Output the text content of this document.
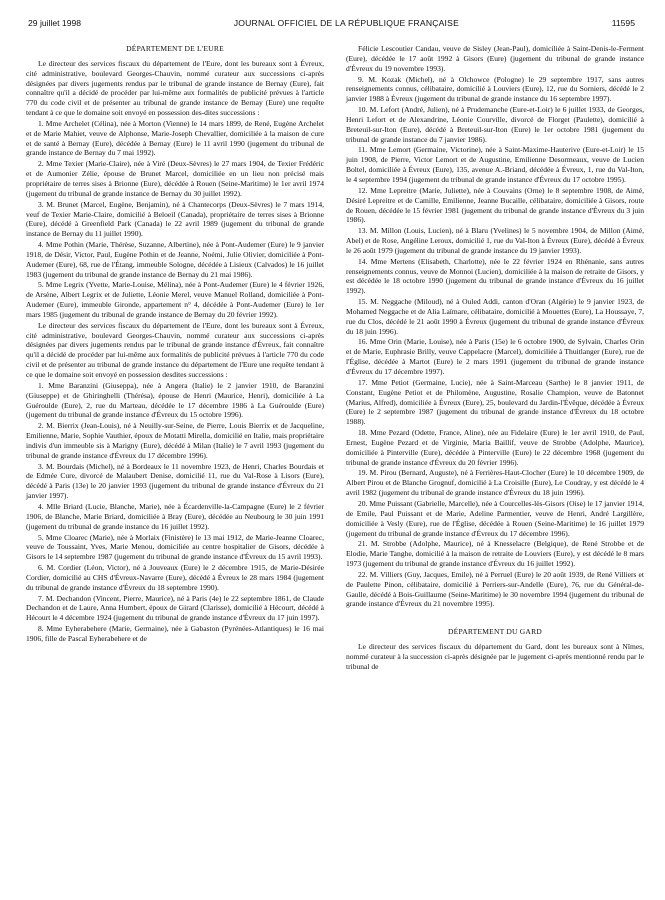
29 juillet 1998	JOURNAL OFFICIEL DE LA RÉPUBLIQUE FRANÇAISE	11595
DÉPARTEMENT DE L'EURE

Le directeur des services fiscaux du département de l'Eure, dont les bureaux sont à Évreux, cité administrative, boulevard Georges-Chauvin, nommé curateur aux successions ci-après désignées par divers jugements rendus par le tribunal de grande instance de Bernay (Eure), fait connaître qu'il a décidé de procéder par lui-même aux formalités de publicité prévues à l'article 770 du code civil et de présenter au tribunal de grande instance de Bernay (Eure) une requête tendant à ce que le domaine soit envoyé en possession des-dites successions :

1. Mme Archelet (Célina), née à Morton (Vienne) le 14 mars 1899, de René, Eugène Archelet et de Marie Mahiet, veuve de Alphonse, Marie-Joseph Chevallier, domiciliée à la maison de cure et de santé à Bernay (Eure), décédée à Bernay (Eure) le 11 avril 1990 (jugement du tribunal de grande instance de Bernay du 7 mai 1992).

2. Mme Texier (Marie-Claire), née à Viré (Deux-Sèvres) le 27 mars 1904, de Texier Frédéric et de Aumonier Zélie, épouse de Brunet Marcel, domiciliée en un lieu non précisé mais propriétaire de terres sises à Brionne (Eure), décédée à Rouen (Seine-Maritime) le 1er avril 1974 (jugement du tribunal de grande instance de Bernay du 30 juillet 1992).

3. M. Brunet (Marcel, Eugène, Benjamin), né à Chantecorps (Deux-Sèvres) le 7 mars 1914, veuf de Texier Marie-Claire, domicilié à Beloeil (Canada), propriétaire de terres sises à Brionne (Eure), décédé à Greenfield Park (Canada) le 22 avril 1989 (jugement du tribunal de grande instance de Bernay du 11 juillet 1990).

4. Mme Pothin (Marie, Thérèse, Suzanne, Albertine), née à Pont-Audemer (Eure) le 9 janvier 1918, de Désir, Victor, Paul, Eugène Pothin et de Jeanne, Noémi, Julie Olivier, domiciliée à Pont-Audemer (Eure), 68, rue de l'Étang, immeuble Sologne, décédée à Lisieux (Calvados) le 16 juillet 1983 (jugement du tribunal de grande instance de Bernay du 21 mai 1986).

5. Mme Legrix (Yvette, Marie-Louise, Mélina), née à Pont-Audemer (Eure) le 4 février 1926, de Arsène, Albert Legrix et de Juliette, Léonie Merel, veuve Manuel Rolland, domiciliée à Pont-Audemer (Eure), immeuble Gironde, appartement n° 4, décédée à Pont-Audemer (Eure) le 1er mars 1985 (jugement du tribunal de grande instance de Bernay du 20 février 1992).

Le directeur des services fiscaux du département de l'Eure, dont les bureaux sont à Évreux, cité administrative, boulevard Georges-Chauvin, nommé curateur aux successions ci-après désignées par divers jugements rendus par le tribunal de grande instance d'Évreux, fait connaître qu'il a décidé de procéder par lui-même aux formalités de publicité prévues à l'article 770 du code civil et de présenter au tribunal de grande instance du département de l'Eure une requête tendant à ce que le domaine soit envoyé en possession desdites successions :

1. Mme Baranzini (Giuseppa), née à Angera (Italie) le 2 janvier 1910, de Baranzini (Giuseppe) et de Ghiringhelli (Thérésa), épouse de Henri (Maurice, Henri), domiciliée à La Guéroulde (Eure), 2, rue du Marteau, décédée le 17 décembre 1986 à La Guéroulde (Eure) (jugement du tribunal de grande instance d'Évreux du 15 octobre 1996).

2. M. Bierrix (Jean-Louis), né à Neuilly-sur-Seine, de Pierre, Louis Bierrix et de Jacqueline, Emilienne, Marie, Sophie Vauthier, époux de Motatti Mirella, domicilié en Italie, mais propriétaire indivis d'un immeuble sis à Marigny (Eure), décédé à Milan (Italie) le 7 avril 1993 (jugement du tribunal de grande instance d'Évreux du 17 décembre 1996).

3. M. Bourdais (Michel), né à Bordeaux le 11 novembre 1923, de Henri, Charles Bourdais et de Edmée Cure, divorcé de Malaubert Denise, domicilié 11, rue du Val-Rose à Lisors (Eure), décédé à Paris (13e) le 20 janvier 1993 (jugement du tribunal de grande instance d'Évreux du 21 janvier 1997).

4. Mlle Briard (Lucie, Blanche, Marie), née à Écardenville-la-Campagne (Eure) le 2 février 1906, de Blanche, Marie Briard, domiciliée à Bray (Eure), décédée au Neubourg le 30 juin 1991 (jugement du tribunal de grande instance du 16 juillet 1992).

5. Mme Cloarec (Marie), née à Morlaix (Finistère) le 13 mai 1912, de Marie-Jeanne Cloarec, veuve de Toussaint, Yves, Marie Menou, domiciliée au centre hospitalier de Gisors, décédée à Gisors le 14 septembre 1987 (jugement du tribunal de grande instance d'Évreux du 15 avril 1993).

6. M. Cordier (Léon, Victor), né à Jouveaux (Eure) le 2 décembre 1915, de Marie-Désirée Cordier, domicilié au CHS d'Évreux-Navarre (Eure), décédé à Évreux le 28 mars 1984 (jugement du tribunal de grande instance d'Évreux du 18 septembre 1990).

7. M. Dechandon (Vincent, Pierre, Maurice), né à Paris (4e) le 22 septembre 1861, de Claude Dechandon et de Laure, Anna Humbert, époux de Girard (Clarisse), domicilié à Hécourt, décédé à Hécourt le 4 décembre 1924 (jugement du tribunal de grande instance d'Évreux du 17 juin 1997).

8. Mme Eyherabehere (Marie, Germaine), née à Gabaston (Pyrénées-Atlantiques) le 16 mai 1906, fille de Pascal Eyherabehere et de

Félicie Lescoutier Candau, veuve de Sisley (Jean-Paul), domiciliée à Saint-Denis-le-Ferment (Eure), décédée le 17 août 1992 à Gisors (Eure) (jugement du tribunal de grande instance d'Évreux du 19 novembre 1993).

9. M. Kozak (Michel), né à Olchowce (Pologne) le 29 septembre 1917, sans autres renseignements connus, célibataire, domicilié à Louviers (Eure), 12, rue du Sorniers, décédé le 2 janvier 1988 à Évreux (jugement du tribunal de grande instance du 16 septembre 1997).

10. M. Lefort (André, Julien), né à Prudemanche (Eure-et-Loir) le 6 juillet 1933, de Georges, Henri Lefort et de Alexandrine, Léonie Courville, divorcé de Florget (Paulette), domicilié à Breteuil-sur-Iton (Eure), décédé à Breteuil-sur-Iton (Eure) le 1er octobre 1981 (jugement du tribunal de grande instance du 7 janvier 1986).

11. Mme Lemort (Germaine, Victorine), née à Saint-Maxime-Hauterive (Eure-et-Loir) le 15 juin 1908, de Pierre, Victor Lemort et de Augustine, Emilienne Desormeaux, veuve de Lucien Boltel, domiciliée à Évreux (Eure), 135, avenue A.-Briand, décédée à Évreux, 1, rue du Val-Iton, le 4 septembre 1994 (jugement du tribunal de grande instance d'Évreux du 17 octobre 1995).

12. Mme Lepreitre (Marie, Juliette), née à Couvains (Orne) le 8 septembre 1908, de Aimé, Désiré Lepreitre et de Camille, Emilienne, Jeanne Bucaille, célibataire, domiciliée à Gisors, route de Rouen, décédée le 15 février 1981 (jugement du tribunal de grande instance d'Évreux du 3 juin 1986).

13. M. Millon (Louis, Lucien), né à Blaru (Yvelines) le 5 novembre 1904, de Millon (Aimé, Abel) et de Rose, Angéline Leroux, domicilié 1, rue du Val-Iton à Évreux (Eure), décédé à Évreux le 26 août 1979 (jugement du tribunal de grande instance du 19 janvier 1993).

14. Mme Mertens (Elisabeth, Charlotte), née le 22 février 1924 en Rhénanie, sans autres renseignements connus, veuve de Monnoi (Lucien), domiciliée à la maison de retraite de Gisors, y est décédée le 18 octobre 1990 (jugement du tribunal de grande instance d'Évreux du 16 juillet 1992).

15. M. Neggache (Miloud), né à Ouled Addi, canton d'Oran (Algérie) le 9 janvier 1923, de Mohamed Neggache et de Alia Laïmare, célibataire, domicilié à Mouettes (Eure), La Houssaye, 7, rue du Clos, décédé le 21 août 1990 à Évreux (jugement du tribunal de grande instance d'Évreux du 18 juin 1996).

16. Mme Orin (Marie, Louise), née à Paris (15e) le 6 octobre 1900, de Sylvain, Charles Orin et de Marie, Euphrasie Brilly, veuve Cappelacre (Marcel), domiciliée à Thuitlanger (Eure), rue de l'Église, décédée à Martot (Eure) le 2 mars 1991 (jugement du tribunal de grande instance d'Évreux du 17 décembre 1997).

17. Mme Petiot (Germaine, Lucie), née à Saint-Marceau (Sarthe) le 8 janvier 1911, de Constant, Eugène Petiot et de Philomène, Augustine, Rosalie Champion, veuve de Batonnet (Marius, Alfred), domiciliée à Évreux (Eure), 25, boulevard du Jardin-l'Évêque, décédée à Évreux (Eure) le 2 septembre 1987 (jugement du tribunal de grande instance d'Évreux du 18 octobre 1988).

18. Mme Pezard (Odette, France, Aline), née au Fidelaire (Eure) le 1er avril 1910, de Paul, Ernest, Eugène Pezard et de Virginie, Maria Baillif, veuve de Strobbe (Adolphe, Maurice), domiciliée à Pinterville (Eure), décédée à Pinterville (Eure) le 22 décembre 1968 (jugement du tribunal de grande instance d'Évreux du 20 février 1996).

19. M. Pirou (Bernard, Auguste), né à Ferrières-Haut-Clocher (Eure) le 10 décembre 1909, de Albert Pirou et de Blanche Grognuf, domicilié à La Croisille (Eure), Le Coudray, y est décédé le 4 avril 1982 (jugement du tribunal de grande instance d'Évreux du 18 juin 1996).

20. Mme Puissant (Gabrielle, Marcelle), née à Courcelles-lès-Gisors (Oise) le 17 janvier 1914, de Emile, Paul Puissant et de Marie, Adeline Parmentier, veuve de Henri, André Largillère, domiciliée à Vesly (Eure), rue de l'Église, décédée à Rouen (Seine-Maritime) le 16 juillet 1979 (jugement du tribunal de grande instance d'Évreux du 17 décembre 1996).

21. M. Strobbe (Adolphe, Maurice), né à Knesselacre (Belgique), de René Strobbe et de Elodie, Marie Tanghe, domicilié à la maison de retraite de Louviers (Eure), y est décédé le 8 mars 1973 (jugement du tribunal de grande instance d'Évreux du 16 juillet 1992).

22. M. Villiers (Guy, Jacques, Emile), né à Perruel (Eure) le 20 août 1939, de René Villiers et de Paulette Pinon, célibataire, domicilié à Perriers-sur-Andelle (Eure), 76, rue du Général-de-Gaulle, décédé à Bois-Guillaume (Seine-Maritime) le 30 novembre 1994 (jugement du tribunal de grande instance d'Évreux du 21 novembre 1995).

DÉPARTEMENT DU GARD

Le directeur des services fiscaux du département du Gard, dont les bureaux sont à Nîmes, nommé curateur à la succession ci-après désignée par le jugement ci-après mentionné rendu par le tribunal de
